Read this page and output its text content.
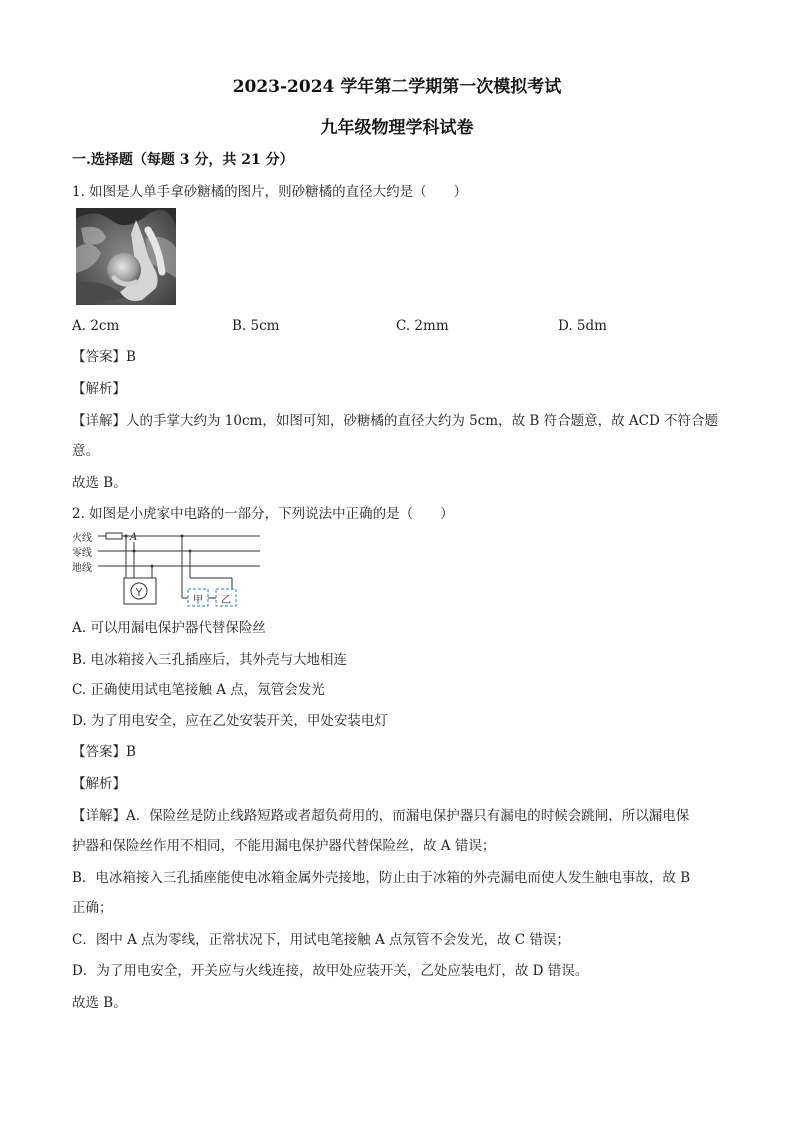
2023-2024 学年第二学期第一次模拟考试
九年级物理学科试卷
一.选择题（每题 3 分，共 21 分）
1. 如图是人单手拿砂糖橘的图片，则砂糖橘的直径大约是（　　）
A. 2cm	B. 5cm	C. 2mm	D. 5dm
【答案】B
【解析】
【详解】人的手掌大约为 10cm，如图可知，砂糖橘的直径大约为 5cm，故 B 符合题意，故 ACD 不符合题
意。
故选 B。
2. 如图是小虎家中电路的一部分，下列说法中正确的是（　　）
火线
零线
地线
A
甲	乙
A. 可以用漏电保护器代替保险丝
B. 电冰箱接入三孔插座后，其外壳与大地相连
C. 正确使用试电笔接触 A 点，氖管会发光
D. 为了用电安全，应在乙处安装开关，甲处安装电灯
【答案】B
【解析】
【详解】A．保险丝是防止线路短路或者超负荷用的，而漏电保护器只有漏电的时候会跳闸，所以漏电保
护器和保险丝作用不相同，不能用漏电保护器代替保险丝，故 A 错误；
B．电冰箱接入三孔插座能使电冰箱金属外壳接地，防止由于冰箱的外壳漏电而使人发生触电事故，故 B
正确；
C．图中 A 点为零线，正常状况下，用试电笔接触 A 点氖管不会发光，故 C 错误；
D．为了用电安全，开关应与火线连接，故甲处应装开关，乙处应装电灯，故 D 错误。
故选 B。
